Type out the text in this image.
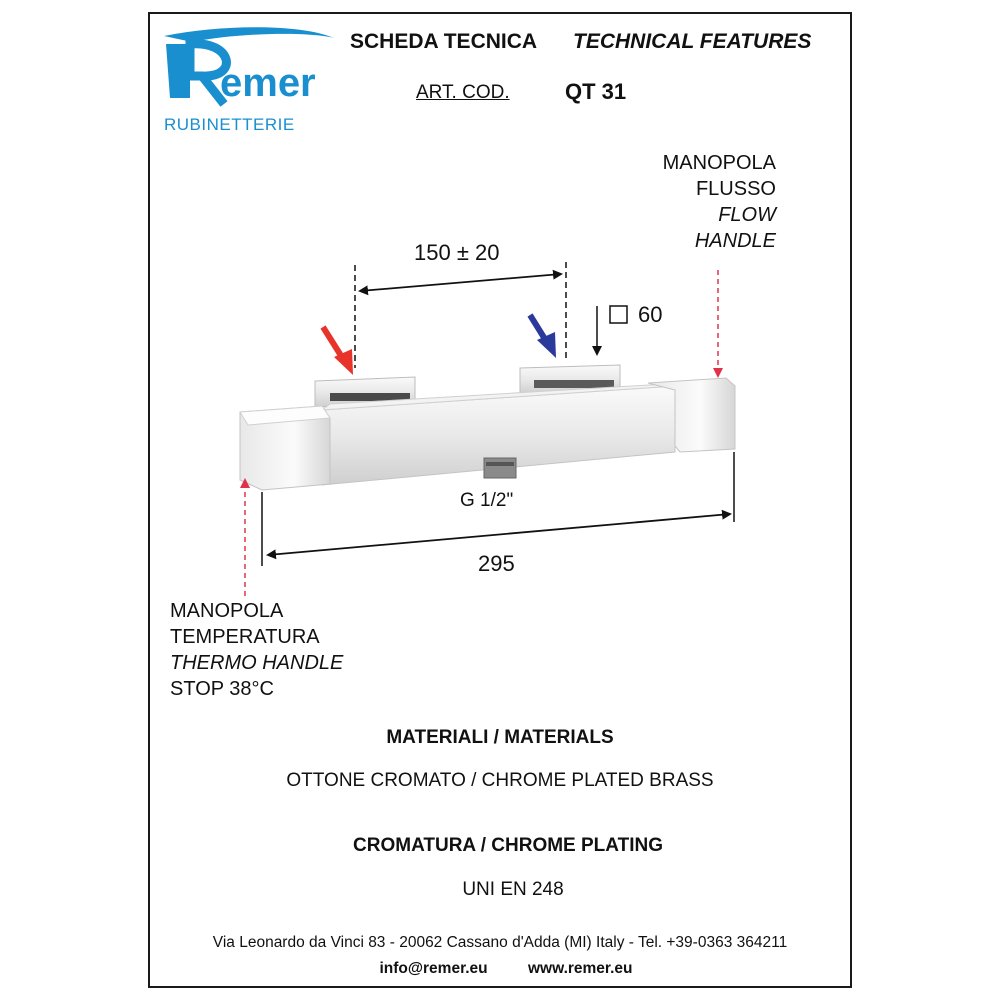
emer
RUBINETTERIE
SCHEDA TECNICA TECHNICAL FEATURES
ART. COD.	QT 31
150 ± 20
60
G 1/2"
295
MANOPOLA
FLUSSO
FLOW
HANDLE
MANOPOLA
TEMPERATURA
THERMO HANDLE
STOP 38°C
MATERIALI / MATERIALS
OTTONE CROMATO / CHROME PLATED BRASS
CROMATURA / CHROME PLATING
UNI EN 248
Via Leonardo da Vinci 83 - 20062 Cassano d'Adda (MI) Italy - Tel. +39-0363 364211
info@remer.eu	www.remer.eu
